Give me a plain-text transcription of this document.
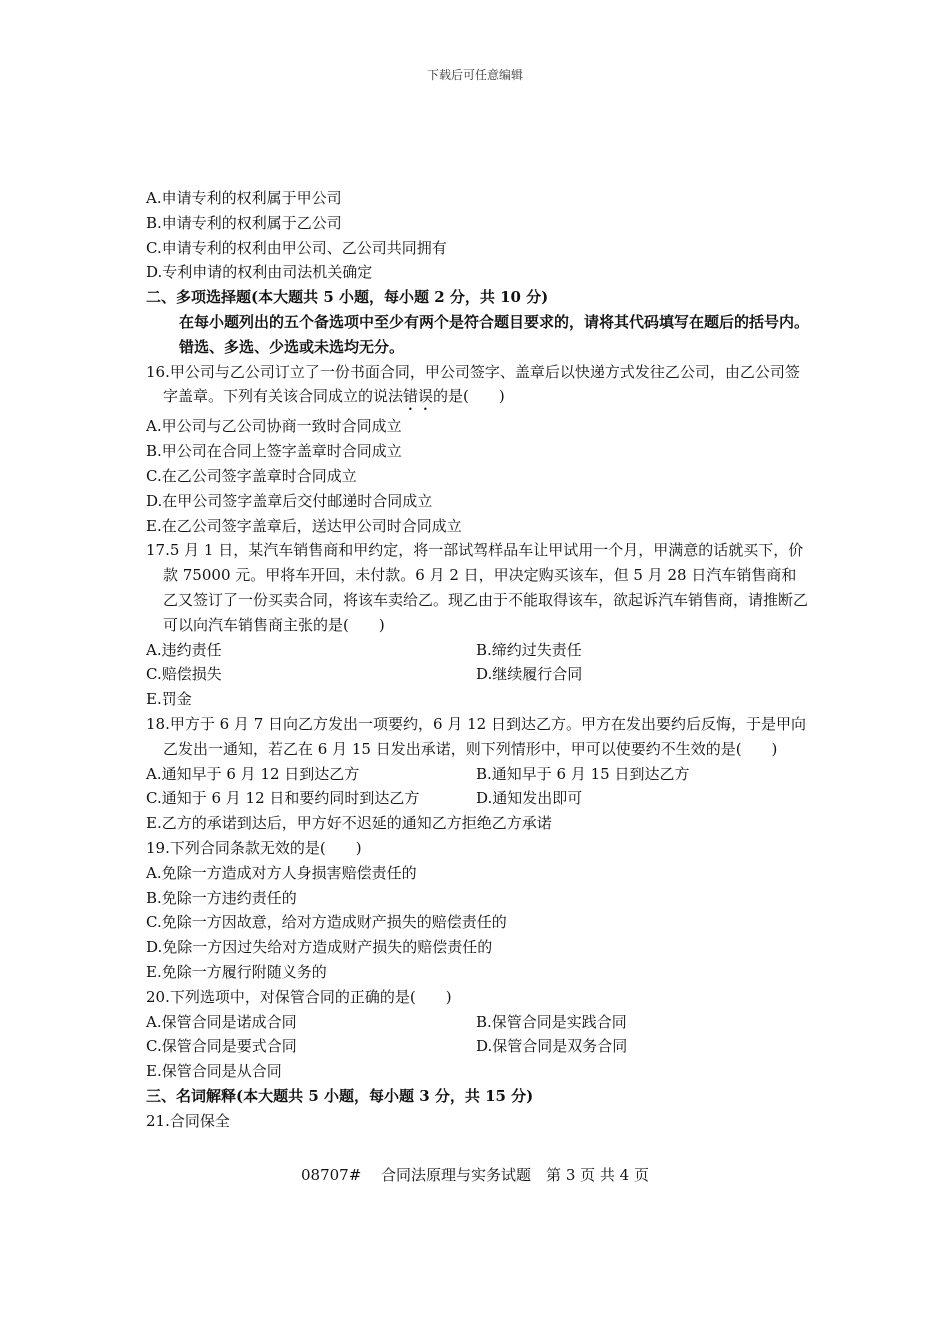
下载后可任意编辑
A.申请专利的权利属于甲公司
B.申请专利的权利属于乙公司
C.申请专利的权利由甲公司、乙公司共同拥有
D.专利申请的权利由司法机关确定
二、多项选择题(本大题共 5 小题，每小题 2 分，共 10 分)
在每小题列出的五个备选项中至少有两个是符合题目要求的，请将其代码填写在题后的括号内。错选、多选、少选或未选均无分。
16.甲公司与乙公司订立了一份书面合同，甲公司签字、盖章后以快递方式发往乙公司，由乙公司签字盖章。下列有关该合同成立的说法错误的是(　　)
A.甲公司与乙公司协商一致时合同成立
B.甲公司在合同上签字盖章时合同成立
C.在乙公司签字盖章时合同成立
D.在甲公司签字盖章后交付邮递时合同成立
E.在乙公司签字盖章后，送达甲公司时合同成立
17.5 月 1 日，某汽车销售商和甲约定，将一部试驾样品车让甲试用一个月，甲满意的话就买下，价款 75000 元。甲将车开回，未付款。6 月 2 日，甲决定购买该车，但 5 月 28 日汽车销售商和乙又签订了一份买卖合同，将该车卖给乙。现乙由于不能取得该车，欲起诉汽车销售商，请推断乙可以向汽车销售商主张的是(　　)
A.违约责任	B.缔约过失责任
C.赔偿损失	D.继续履行合同
E.罚金
18.甲方于 6 月 7 日向乙方发出一项要约，6 月 12 日到达乙方。甲方在发出要约后反悔，于是甲向乙发出一通知，若乙在 6 月 15 日发出承诺，则下列情形中，甲可以使要约不生效的是(　　)
A.通知早于 6 月 12 日到达乙方	B.通知早于 6 月 15 日到达乙方
C.通知于 6 月 12 日和要约同时到达乙方	D.通知发出即可
E.乙方的承诺到达后，甲方好不迟延的通知乙方拒绝乙方承诺
19.下列合同条款无效的是(　　)
A.免除一方造成对方人身损害赔偿责任的
B.免除一方违约责任的
C.免除一方因故意，给对方造成财产损失的赔偿责任的
D.免除一方因过失给对方造成财产损失的赔偿责任的
E.免除一方履行附随义务的
20.下列选项中，对保管合同的正确的是(　　)
A.保管合同是诺成合同	B.保管合同是实践合同
C.保管合同是要式合同	D.保管合同是双务合同
E.保管合同是从合同
三、名词解释(本大题共 5 小题，每小题 3 分，共 15 分)
21.合同保全
08707#　 合同法原理与实务试题　第 3 页 共 4 页
